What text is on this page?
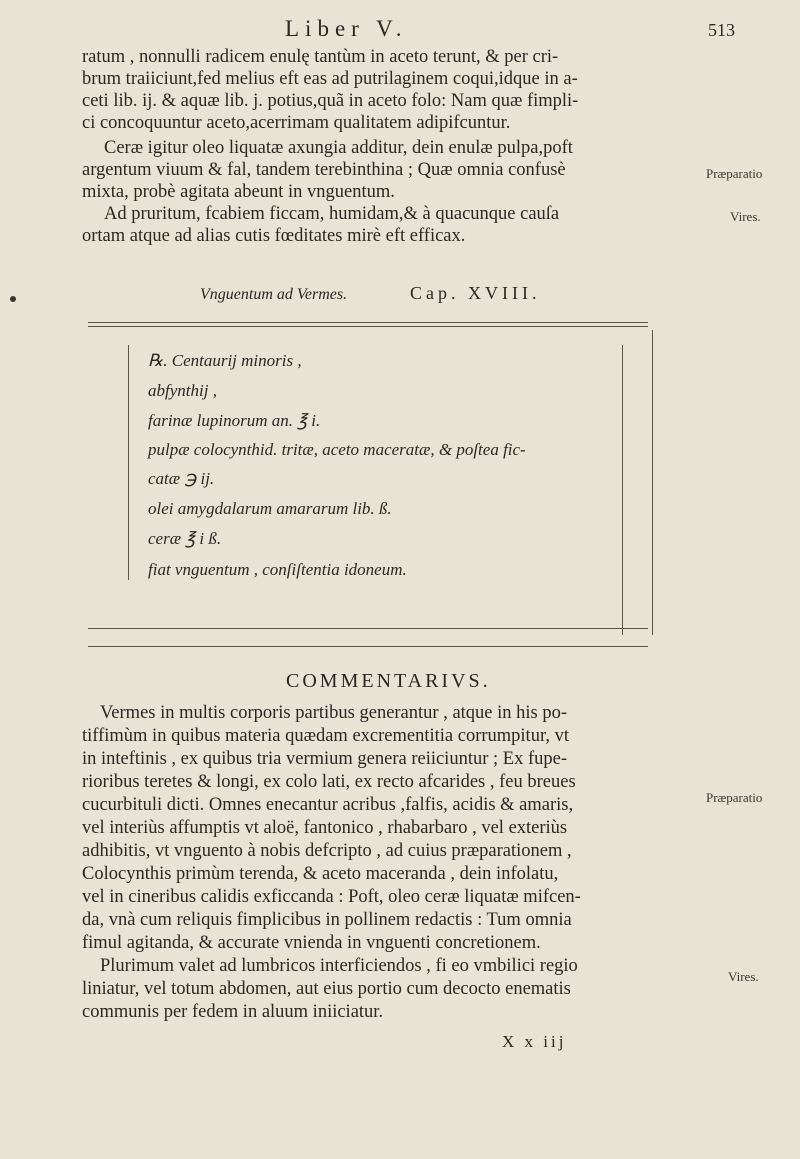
Liber V.	513
ratum , nonnulli radicem enulę tantùm in aceto terunt, & per cri-
brum traiiciunt,fed melius eft eas ad putrilaginem coqui,idque in a-
ceti lib. ij. & aquæ lib. j. potius,quã in aceto folo: Nam quæ fimpli-
ci concoquuntur aceto,acerrimam qualitatem adipifcuntur.
Ceræ igitur oleo liquatæ axungia additur, dein enulæ pulpa,poft
argentum viuum & fal, tandem terebinthina ; Quæ omnia confusè
mixta, probè agitata abeunt in vnguentum.
Ad pruritum, fcabiem ficcam, humidam,& à quacunque cauſa
ortam atque ad alias cutis fœditates mirè eft efficax.
Præparatio
Vires.
Vnguentum ad Vermes.	Cap. XVIII.
℞. Centaurij minoris ,
abfynthij ,
farinæ lupinorum an. ℥ i.
pulpæ colocynthid. tritæ, aceto maceratæ, & poſtea fic-
catæ ℈ ij.
olei amygdalarum amararum lib. ß.
ceræ ℥ i ß.
fiat vnguentum , conſiſtentia idoneum.
COMMENTARIVS.
Vermes in multis corporis partibus generantur , atque in his po-
tiffimùm in quibus materia quædam excrementitia corrumpitur, vt
in inteftinis , ex quibus tria vermium genera reiiciuntur ; Ex fupe-
rioribus teretes & longi, ex colo lati, ex recto afcarides , feu breues
cucurbituli dicti. Omnes enecantur acribus ,falfis, acidis & amaris,
vel interiùs affumptis vt aloë, fantonico , rhabarbaro , vel exteriùs
adhibitis, vt vnguento à nobis defcripto , ad cuius præparationem ,
Colocynthis primùm terenda, & aceto maceranda , dein infolatu,
vel in cineribus calidis exficcanda : Poft, oleo ceræ liquatæ mifcen-
da, vnà cum reliquis fimplicibus in pollinem redactis : Tum omnia
fimul agitanda, & accurate vnienda in vnguenti concretionem.
Plurimum valet ad lumbricos interficiendos , fi eo vmbilici regio
liniatur, vel totum abdomen, aut eius portio cum decocto enematis
communis per fedem in aluum iniiciatur.
Præparatio
Vires.
X x iij
